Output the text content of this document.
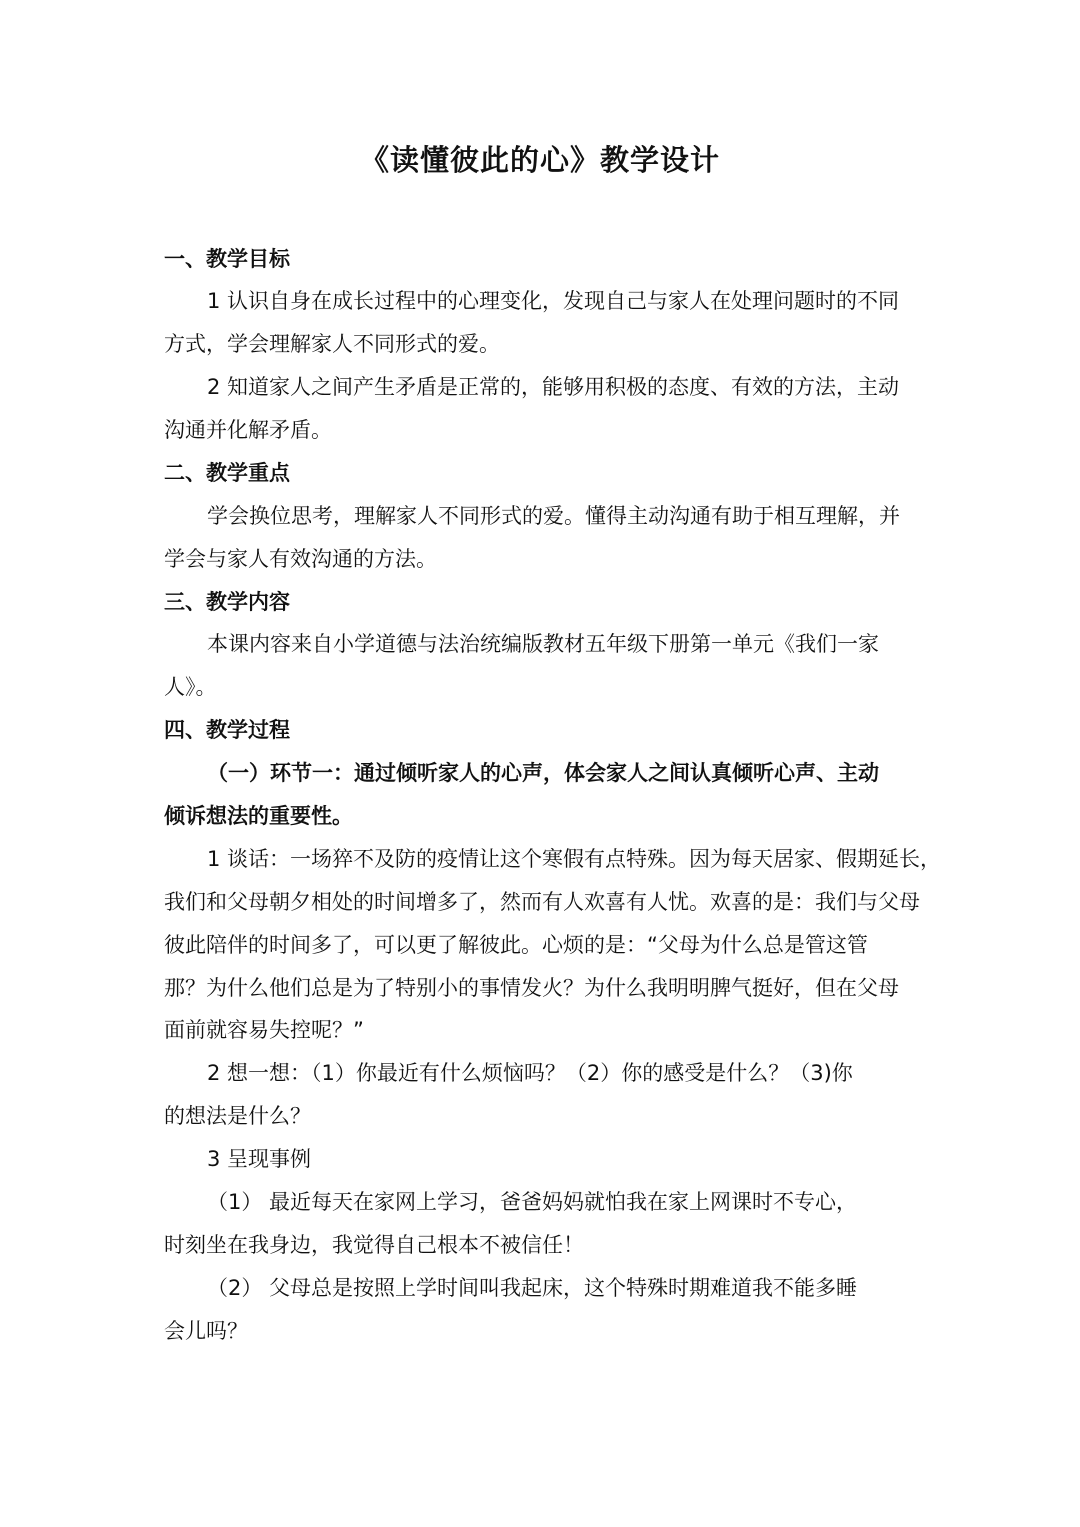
《读懂彼此的心》教学设计
一、教学目标
1 认识自身在成长过程中的心理变化，发现自己与家人在处理问题时的不同
方式，学会理解家人不同形式的爱。
2 知道家人之间产生矛盾是正常的，能够用积极的态度、有效的方法，主动
沟通并化解矛盾。
二、教学重点
学会换位思考，理解家人不同形式的爱。懂得主动沟通有助于相互理解，并
学会与家人有效沟通的方法。
三、教学内容
本课内容来自小学道德与法治统编版教材五年级下册第一单元《我们一家
人》。
四、教学过程
（一）环节一：通过倾听家人的心声，体会家人之间认真倾听心声、主动
倾诉想法的重要性。
1 谈话：一场猝不及防的疫情让这个寒假有点特殊。因为每天居家、假期延长，
我们和父母朝夕相处的时间增多了，然而有人欢喜有人忧。欢喜的是：我们与父母
彼此陪伴的时间多了，可以更了解彼此。心烦的是：“父母为什么总是管这管
那？为什么他们总是为了特别小的事情发火？为什么我明明脾气挺好，但在父母
面前就容易失控呢？”
2 想一想：（1）你最近有什么烦恼吗？（2）你的感受是什么？（3)你
的想法是什么？
3 呈现事例
（1） 最近每天在家网上学习，爸爸妈妈就怕我在家上网课时不专心，
时刻坐在我身边，我觉得自己根本不被信任！
（2） 父母总是按照上学时间叫我起床，这个特殊时期难道我不能多睡
会儿吗？
